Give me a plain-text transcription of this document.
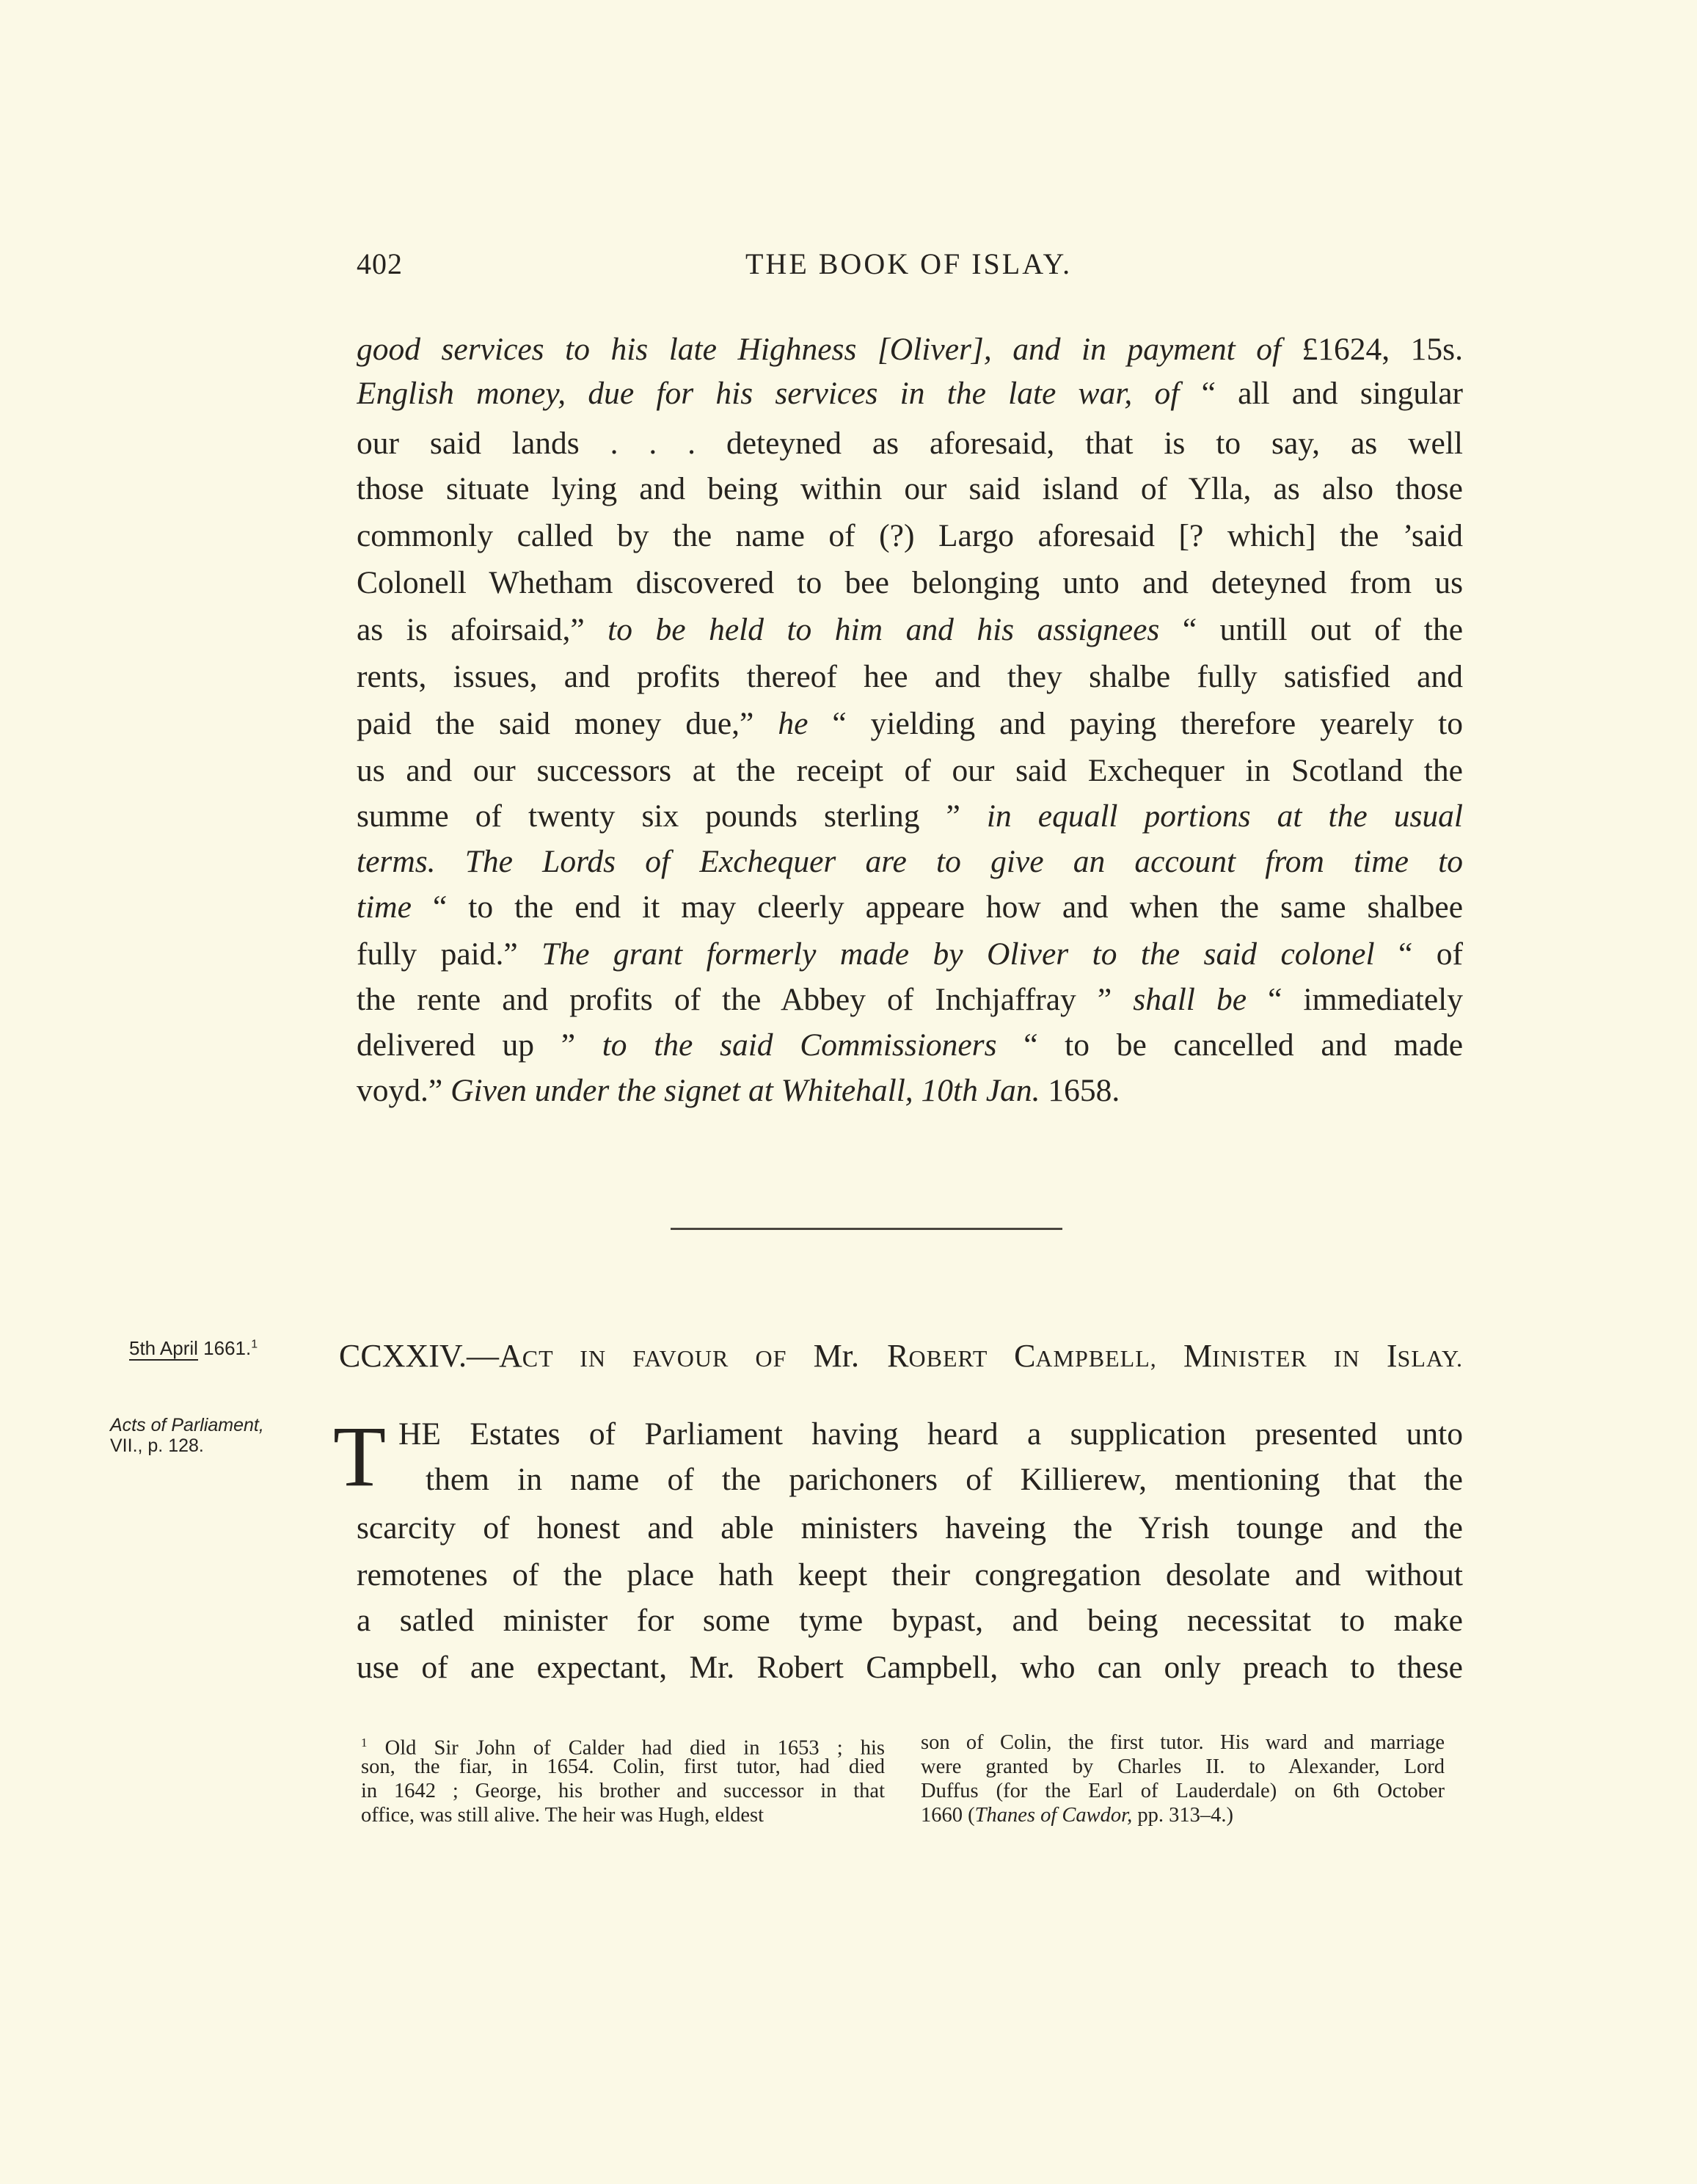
402	THE BOOK OF ISLAY.
good services to his late Highness [Oliver], and in payment of £1624, 15s.
English money, due for his services in the late war, of “ all and singular
our said lands . . . deteyned as aforesaid, that is to say, as well
those situate lying and being within our said island of Ylla, as also those
commonly called by the name of (?) Largo aforesaid [? which] the ’said
Colonell Whetham discovered to bee belonging unto and deteyned from us
as is afoirsaid,” to be held to him and his assignees “ untill out of the
rents, issues, and profits thereof hee and they shalbe fully satisfied and
paid the said money due,” he “ yielding and paying therefore yearely to
us and our successors at the receipt of our said Exchequer in Scotland the
summe of twenty six pounds sterling ” in equall portions at the usual
terms. The Lords of Exchequer are to give an account from time to
time “ to the end it may cleerly appeare how and when the same shalbee
fully paid.” The grant formerly made by Oliver to the said colonel “ of
the rente and profits of the Abbey of Inchjaffray ” shall be “ immediately
delivered up ” to the said Commissioners “ to be cancelled and made
voyd.” Given under the signet at Whitehall, 10th Jan. 1658.
5th April 1661.$^1$
Acts of Parliament,
VII., p. 128.
CCXXIV.—ACT IN FAVOUR OF Mr. ROBERT CAMPBELL, MINISTER IN ISLAY.
T HE Estates of Parliament having heard a supplication presented unto
them in name of the parichoners of Killierew, mentioning that the
scarcity of honest and able ministers haveing the Yrish tounge and the
remotenes of the place hath keept their congregation desolate and without
a satled minister for some tyme bypast, and being necessitat to make
use of ane expectant, Mr. Robert Campbell, who can only preach to these
$^1$ Old Sir John of Calder had died in 1653 ; his
son, the fiar, in 1654. Colin, first tutor, had died
in 1642 ; George, his brother and successor in that
office, was still alive. The heir was Hugh, eldest
son of Colin, the first tutor. His ward and marriage
were granted by Charles II. to Alexander, Lord
Duffus (for the Earl of Lauderdale) on 6th October
1660 (Thanes of Cawdor, pp. 313–4.)
